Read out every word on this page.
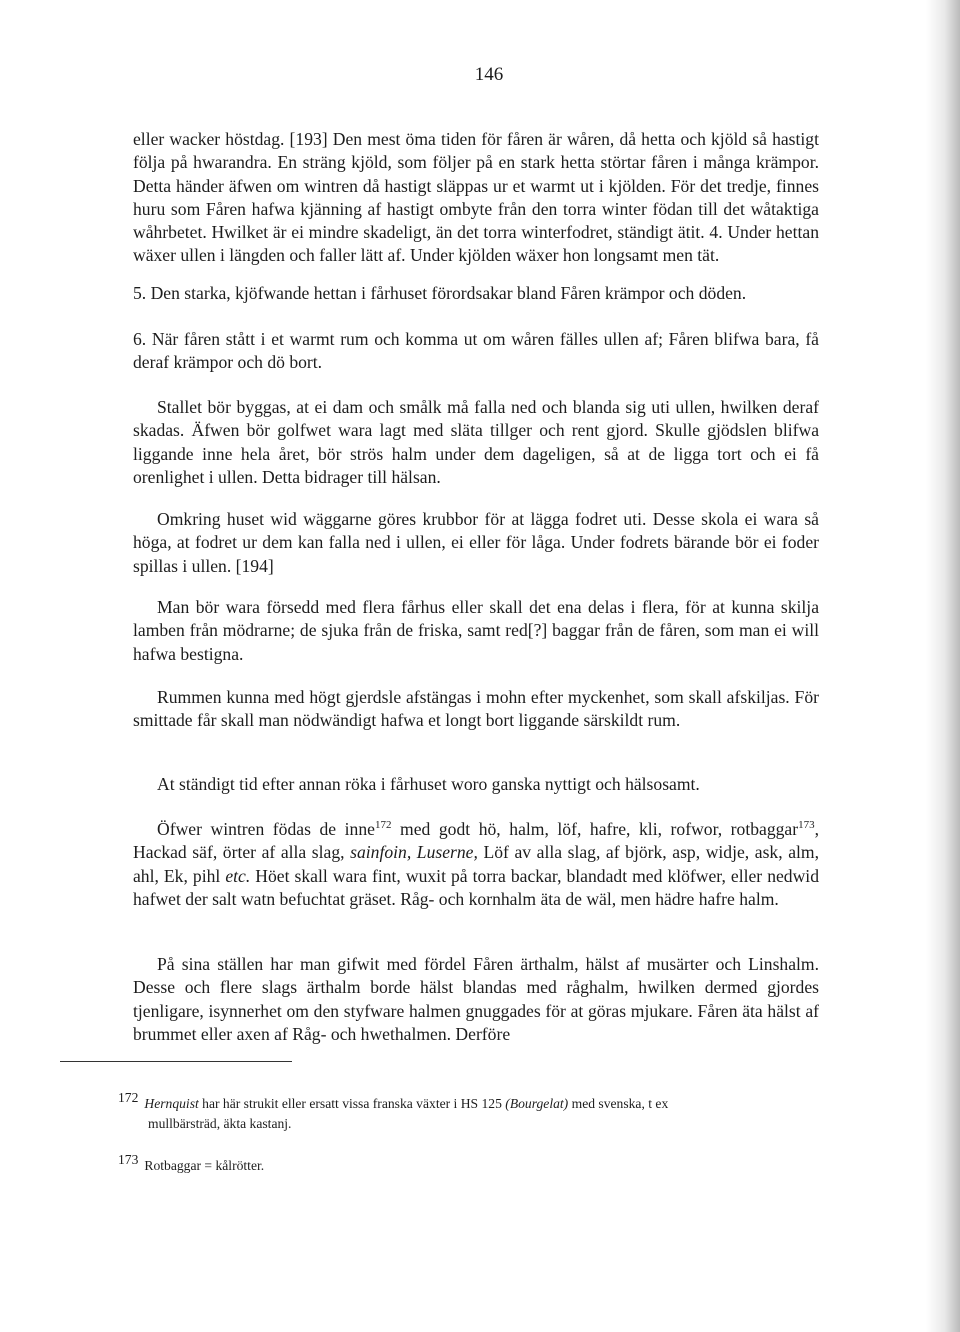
146

eller wacker höstdag. [193] Den mest öma tiden för fåren är wåren, då hetta och kjöld så hastigt följa på hwarandra. En sträng kjöld, som följer på en stark hetta störtar fåren i många krämpor. Detta händer äfwen om wintren då hastigt släppas ur et warmt ut i kjölden. För det tredje, finnes huru som Fåren hafwa kjänning af hastigt ombyte från den torra winter födan till det wåtaktiga wåhrbetet. Hwilket är ei mindre skadeligt, än det torra winterfodret, ständigt ätit. 4. Under hettan wäxer ullen i längden och faller lätt af. Under kjölden wäxer hon longsamt men tät.

5. Den starka, kjöfwande hettan i fårhuset förordsakar bland Fåren krämpor och döden.

6. När fåren stått i et warmt rum och komma ut om wåren fälles ullen af; Fåren blifwa bara, få deraf krämpor och dö bort.

Stallet bör byggas, at ei dam och smålk må falla ned och blanda sig uti ullen, hwilken deraf skadas. Äfwen bör golfwet wara lagt med släta tillger och rent gjord. Skulle gjödslen blifwa liggande inne hela året, bör strös halm under dem dageligen, så at de ligga tort och ei få orenlighet i ullen. Detta bidrager till hälsan.

Omkring huset wid wäggarne göres krubbor för at lägga fodret uti. Desse skola ei wara så höga, at fodret ur dem kan falla ned i ullen, ei eller för låga. Under fodrets bärande bör ei foder spillas i ullen. [194]

Man bör wara försedd med flera fårhus eller skall det ena delas i flera, för at kunna skilja lamben från mödrarne; de sjuka från de friska, samt red[?] baggar från de fåren, som man ei will hafwa bestigna.

Rummen kunna med högt gjerdsle afstängas i mohn efter myckenhet, som skall afskiljas. För smittade får skall man nödwändigt hafwa et longt bort liggande särskildt rum.

At ständigt tid efter annan röka i fårhuset woro ganska nyttigt och hälsosamt.

Öfwer wintren födas de inne$^{172}$ med godt hö, halm, löf, hafre, kli, rofwor, rotbaggar$^{173}$, Hackad säf, örter af alla slag, sainfoin, Luserne, Löf av alla slag, af björk, asp, widje, ask, alm, ahl, Ek, pihl etc. Höet skall wara fint, wuxit på torra backar, blandadt med klöfwer, eller nedwid hafwet der salt watn befuchtat gräset. Råg- och kornhalm äta de wäl, men hädre hafre halm.

På sina ställen har man gifwit med fördel Fåren ärthalm, hälst af musärter och Linshalm. Desse och flere slags ärthalm borde hälst blandas med råghalm, hwilken dermed gjordes tjenligare, isynnerhet om den styfware halmen gnuggades för at göras mjukare. Fåren äta hälst af brummet eller axen af Råg- och hwethalmen. Derföre

172 Hernquist har här strukit eller ersatt vissa franska växter i HS 125 (Bourgelat) med svenska, t ex
mullbärsträd, äkta kastanj.
173 Rotbaggar = kålrötter.
